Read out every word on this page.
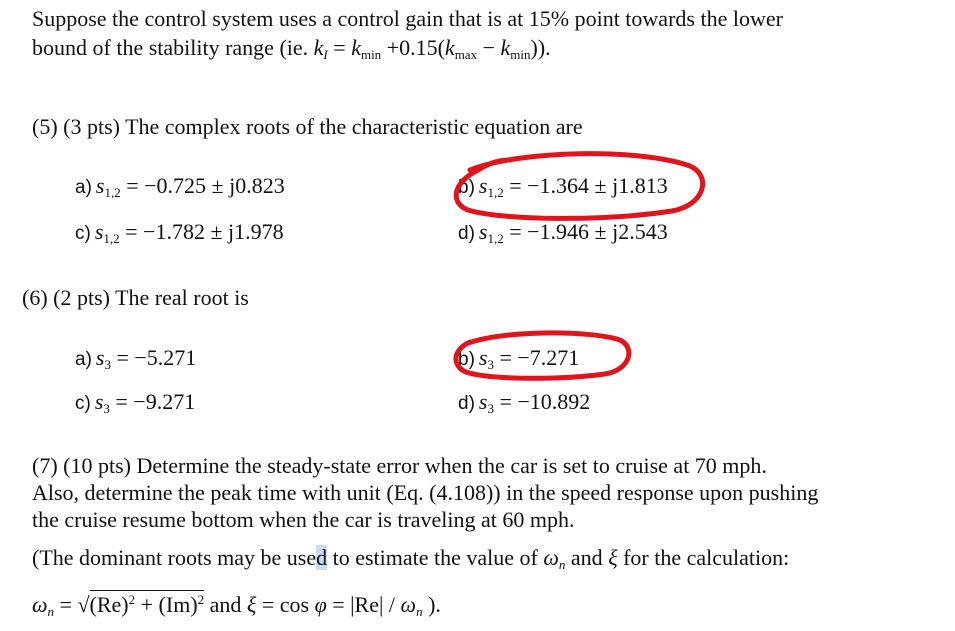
Suppose the control system uses a control gain that is at 15% point towards the lower
bound of the stability range (ie. $k_I = k_{min} +0.15(k_{max} - k_{min})$).
(5) (3 pts) The complex roots of the characteristic equation are
a) $s_{1,2} = -0.725 \pm j0.823$	b) $s_{1,2} = -1.364 \pm j1.813$
c) $s_{1,2} = -1.782 \pm j1.978$	d) $s_{1,2} = -1.946 \pm j2.543$
(6) (2 pts) The real root is
a) $s_3 = -5.271$	b) $s_3 = -7.271$
c) $s_3 = -9.271$	d) $s_3 = -10.892$
(7) (10 pts) Determine the steady-state error when the car is set to cruise at 70 mph.
Also, determine the peak time with unit (Eq. (4.108)) in the speed response upon pushing
the cruise resume bottom when the car is traveling at 60 mph.
(The dominant roots may be used to estimate the value of $\omega_n$ and ξ for the calculation:
$\omega_n = √(Re)^2 + (Im)^2$ and $\xi = \cos \varphi = |Re| / \omega_n$ ).
